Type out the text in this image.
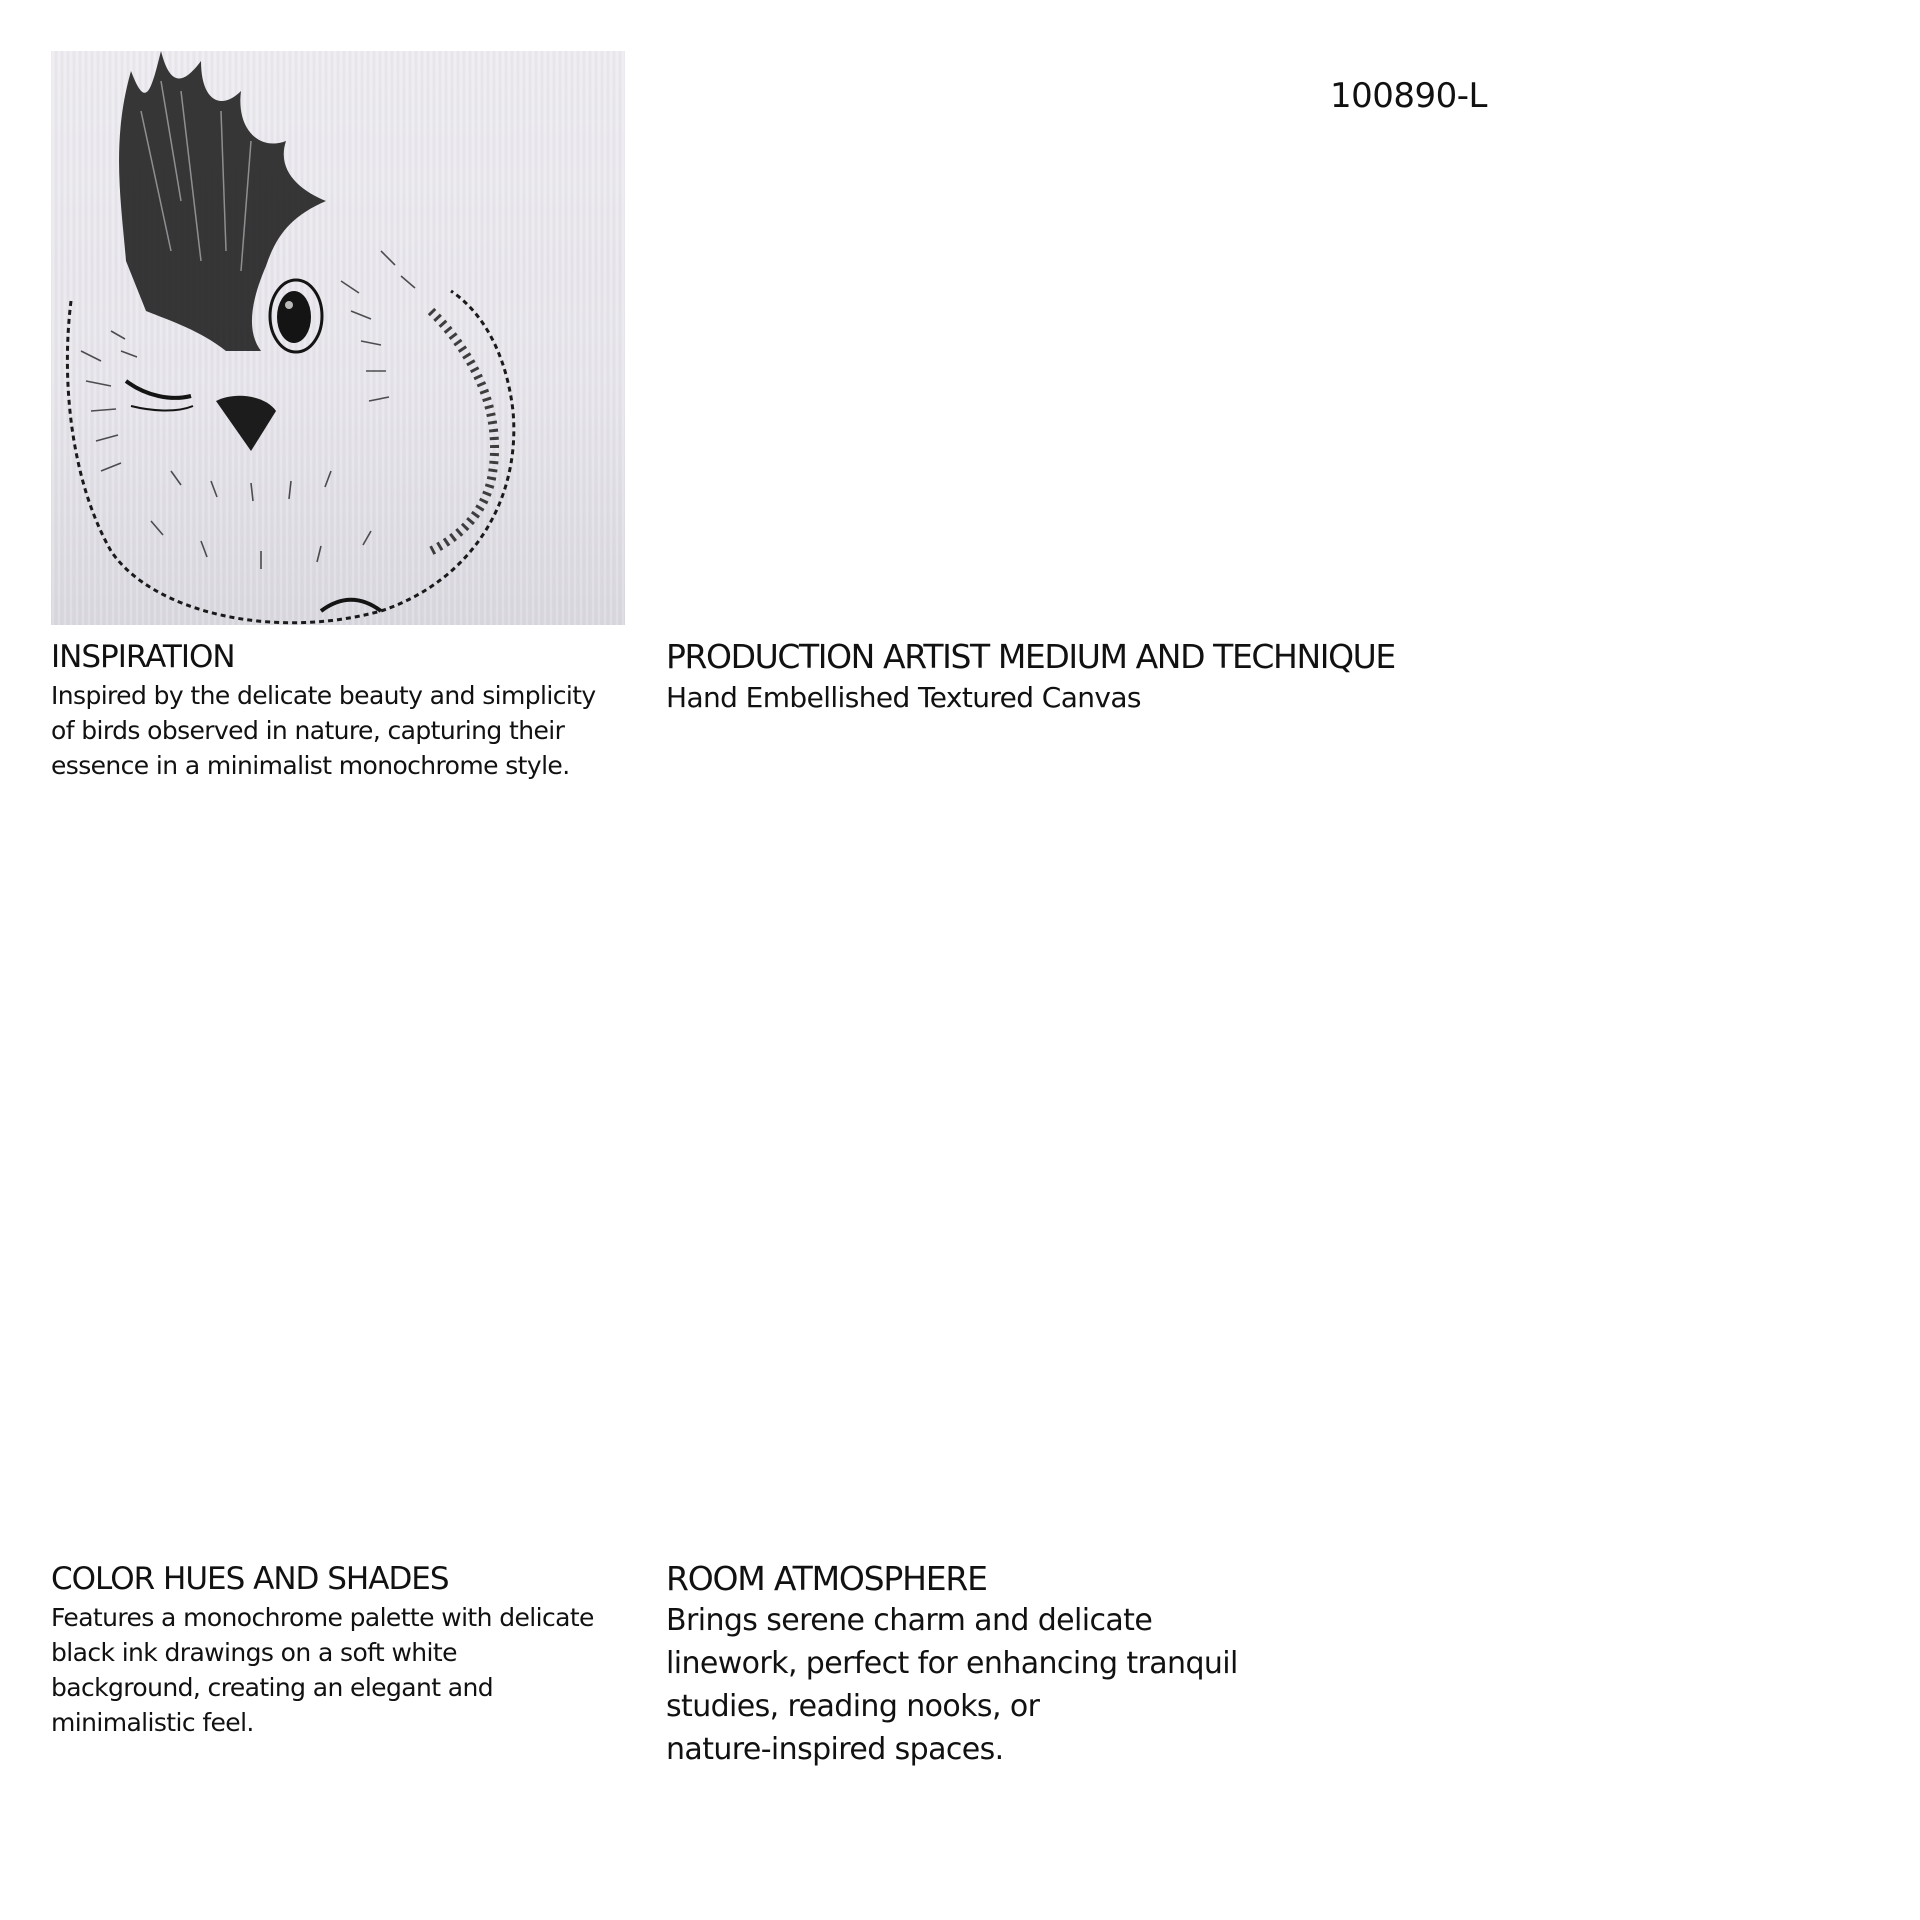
100890-L
INSPIRATION
Inspired by the delicate beauty and simplicity
of birds observed in nature, capturing their
essence in a minimalist monochrome style.
PRODUCTION ARTIST MEDIUM AND TECHNIQUE
Hand Embellished Textured Canvas
COLOR HUES AND SHADES
Features a monochrome palette with delicate
black ink drawings on a soft white
background, creating an elegant and
minimalistic feel.
ROOM ATMOSPHERE
Brings serene charm and delicate
linework, perfect for enhancing tranquil
studies, reading nooks, or
nature-inspired spaces.
